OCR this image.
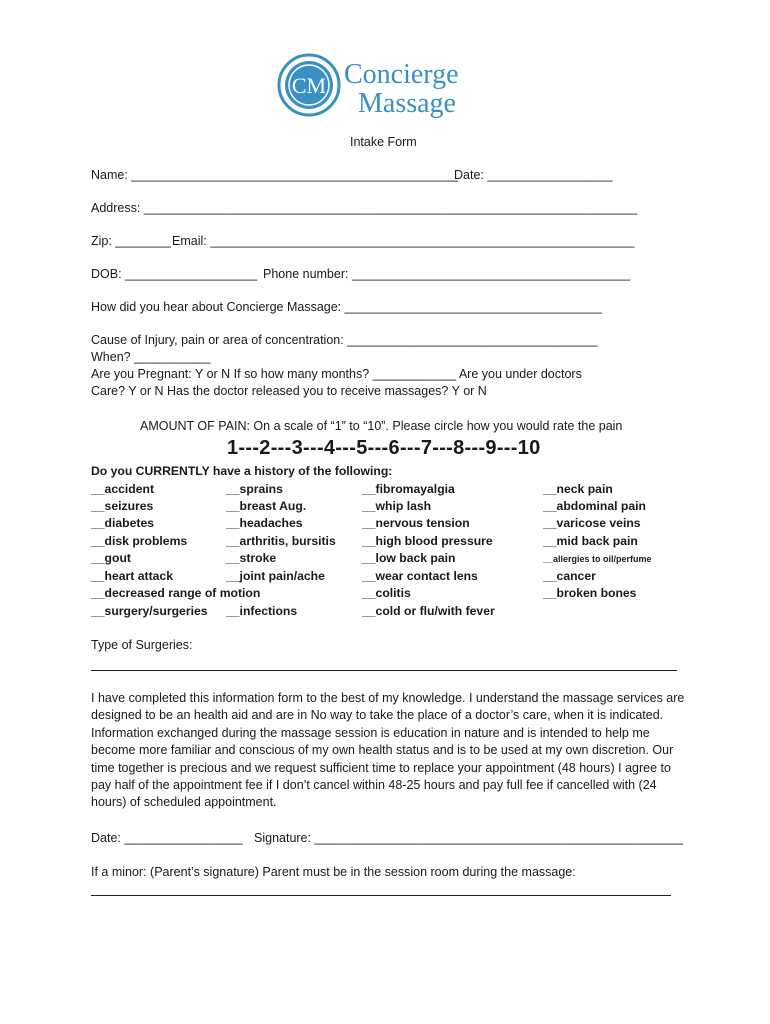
CM Concierge
Massage
Intake Form
Name: _______________________________________________
Date: __________________
Address: _______________________________________________________________________
Zip: ________ Email: _____________________________________________________________
DOB: ___________________ Phone number: ________________________________________
How did you hear about Concierge Massage: _____________________________________
Cause of Injury, pain or area of concentration: ____________________________________
When? ___________
Are you Pregnant: Y or N If so how many months? ____________ Are you under doctors
Care? Y or N Has the doctor released you to receive massages? Y or N
AMOUNT OF PAIN: On a scale of “1” to “10”. Please circle how you would rate the pain
1---2---3---4---5---6---7---8---9---10
Do you CURRENTLY have a history of the following:
__accident
__seizures
__diabetes
__disk problems
__gout
__heart attack
__decreased range of motion
__surgery/surgeries
__sprains
__breast Aug.
__headaches
__arthritis, bursitis
__stroke
__joint pain/ache
__infections
__fibromayalgia
__whip lash
__nervous tension
__high blood pressure
__low back pain
__wear contact lens
__colitis
__cold or flu/with fever
__neck pain
__abdominal pain
__varicose veins
__mid back pain
__allergies to oil/perfume
__cancer
__broken bones
Type of Surgeries:
I have completed this information form to the best of my knowledge. I understand the massage services are designed to be an health aid and are in No way to take the place of a doctor’s care, when it is indicated. Information exchanged during the massage session is education in nature and is intended to help me become more familiar and conscious of my own health status and is to be used at my own discretion. Our time together is precious and we request sufficient time to replace your appointment (48 hours) I agree to pay half of the appointment fee if I don’t cancel within 48-25 hours and pay full fee if cancelled with (24 hours) of scheduled appointment.
Date: _________________ Signature: _____________________________________________________
If a minor: (Parent’s signature) Parent must be in the session room during the massage:
